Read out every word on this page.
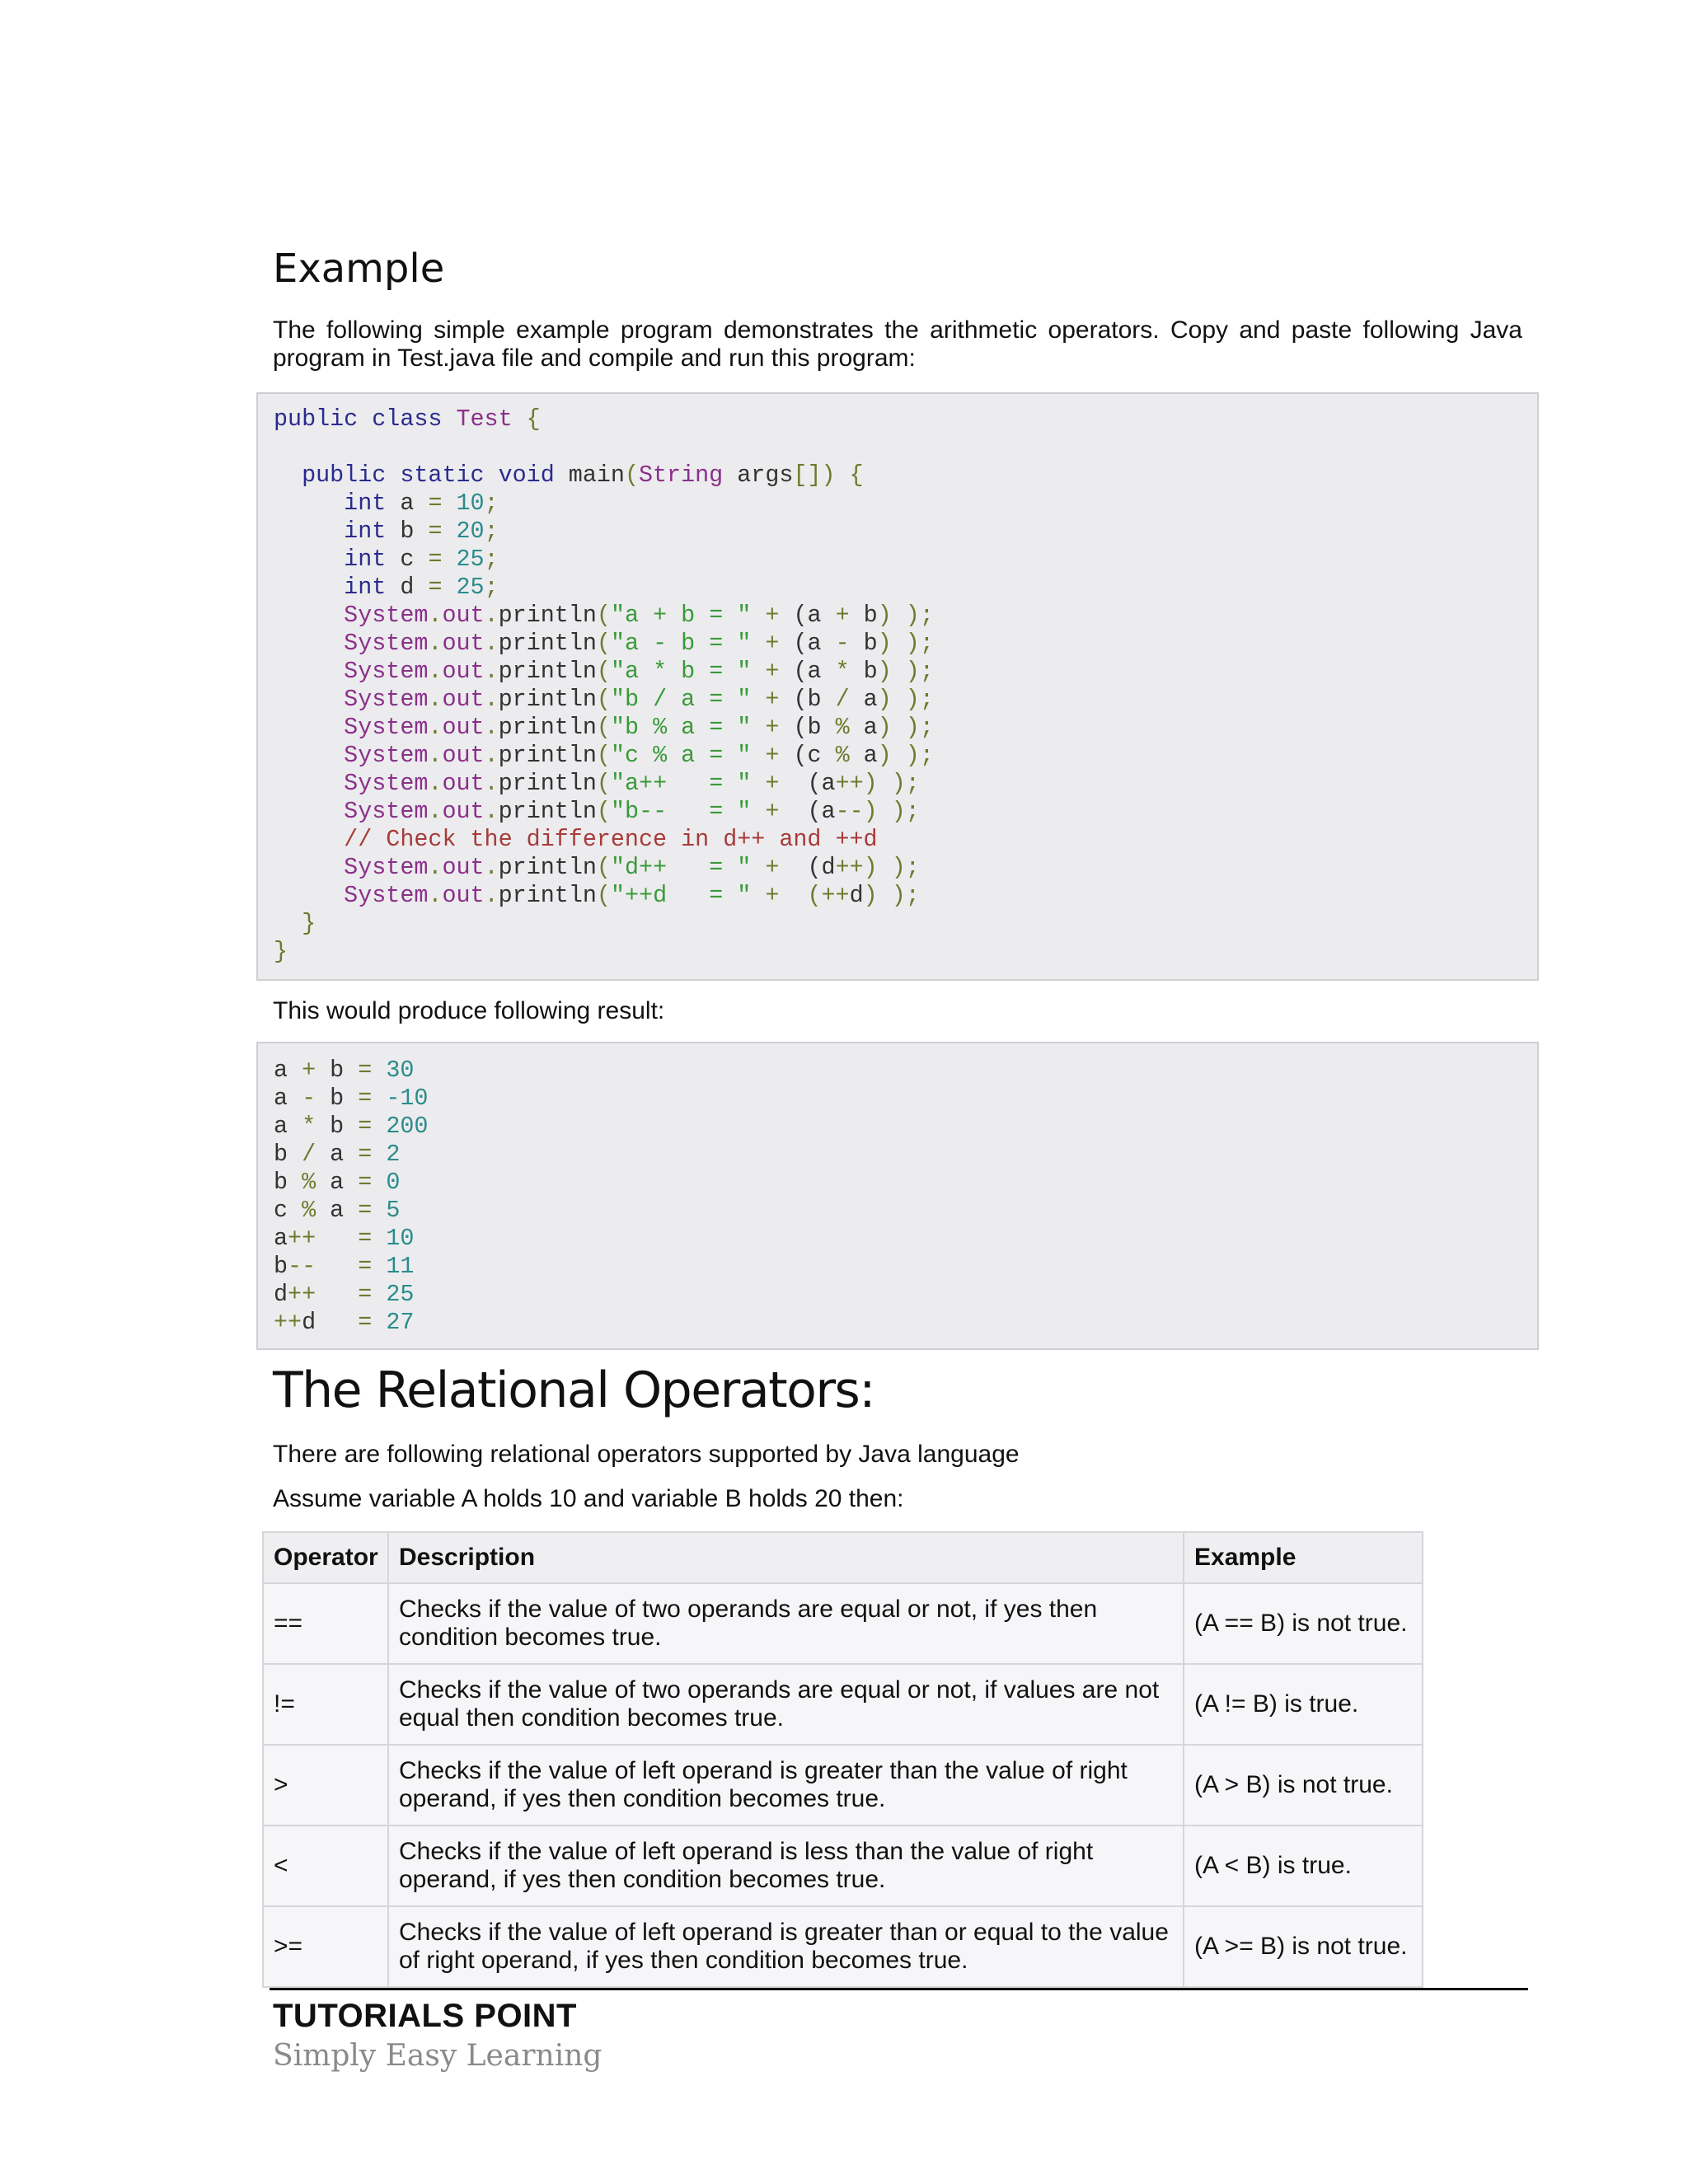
Example

The following simple example program demonstrates the arithmetic operators. Copy and paste following Java program in Test.java file and compile and run this program:

public class Test {

public static void main(String args[]) {
int a = 10;
int b = 20;
int c = 25;
int d = 25;
System.out.println("a + b = " + (a + b) );
System.out.println("a - b = " + (a - b) );
System.out.println("a * b = " + (a * b) );
System.out.println("b / a = " + (b / a) );
System.out.println("b % a = " + (b % a) );
System.out.println("c % a = " + (c % a) );
System.out.println("a++   = " +  (a++) );
System.out.println("b--   = " +  (a--) );
// Check the difference in d++ and ++d
System.out.println("d++   = " +  (d++) );
System.out.println("++d   = " +  (++d) );
}
}

This would produce following result:

a + b = 30
a - b = -10
a * b = 200
b / a = 2
b % a = 0
c % a = 5
a++   = 10
b--   = 11
d++   = 25
++d   = 27
The Relational Operators:

There are following relational operators supported by Java language

Assume variable A holds 10 and variable B holds 20 then:

Operator	Description	Example
==	Checks if the value of two operands are equal or not, if yes then condition becomes true.	(A == B) is not true.
!=	Checks if the value of two operands are equal or not, if values are not equal then condition becomes true.	(A != B) is true.
>	Checks if the value of left operand is greater than the value of right operand, if yes then condition becomes true.	(A > B) is not true.
<	Checks if the value of left operand is less than the value of right operand, if yes then condition becomes true.	(A < B) is true.
>=	Checks if the value of left operand is greater than or equal to the value of right operand, if yes then condition becomes true.	(A >= B) is not true.
TUTORIALS POINT
Simply Easy Learning
